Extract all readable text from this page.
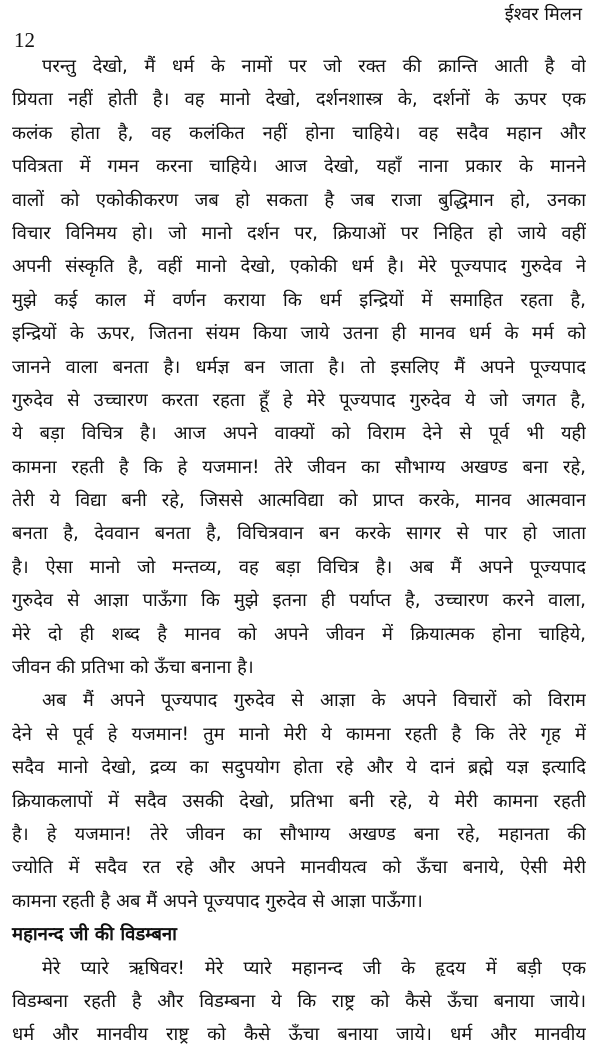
12
ईश्वर मिलन
परन्तु देखो, मैं धर्म के नामों पर जो रक्त की क्रान्ति आती है वो
प्रियता नहीं होती है। वह मानो देखो, दर्शनशास्त्र के, दर्शनों के ऊपर एक
कलंक होता है, वह कलंकित नहीं होना चाहिये। वह सदैव महान और
पवित्रता में गमन करना चाहिये। आज देखो, यहाँ नाना प्रकार के मानने
वालों को एकोकीकरण जब हो सकता है जब राजा बुद्धिमान हो, उनका
विचार विनिमय हो। जो मानो दर्शन पर, क्रियाओं पर निहित हो जाये वहीं
अपनी संस्कृति है, वहीं मानो देखो, एकोकी धर्म है। मेरे पूज्यपाद गुरुदेव ने
मुझे कई काल में वर्णन कराया कि धर्म इन्द्रियों में समाहित रहता है,
इन्द्रियों के ऊपर, जितना संयम किया जाये उतना ही मानव धर्म के मर्म को
जानने वाला बनता है। धर्मज्ञ बन जाता है। तो इसलिए मैं अपने पूज्यपाद
गुरुदेव से उच्चारण करता रहता हूँ हे मेरे पूज्यपाद गुरुदेव ये जो जगत है,
ये बड़ा विचित्र है। आज अपने वाक्यों को विराम देने से पूर्व भी यही
कामना रहती है कि हे यजमान! तेरे जीवन का सौभाग्य अखण्ड बना रहे,
तेरी ये विद्या बनी रहे, जिससे आत्मविद्या को प्राप्त करके, मानव आत्मवान
बनता है, देववान बनता है, विचित्रवान बन करके सागर से पार हो जाता
है। ऐसा मानो जो मन्तव्य, वह बड़ा विचित्र है। अब मैं अपने पूज्यपाद
गुरुदेव से आज्ञा पाऊँगा कि मुझे इतना ही पर्याप्त है, उच्चारण करने वाला,
मेरे दो ही शब्द है मानव को अपने जीवन में क्रियात्मक होना चाहिये,
जीवन की प्रतिभा को ऊँचा बनाना है।
अब मैं अपने पूज्यपाद गुरुदेव से आज्ञा के अपने विचारों को विराम
देने से पूर्व हे यजमान! तुम मानो मेरी ये कामना रहती है कि तेरे गृह में
सदैव मानो देखो, द्रव्य का सदुपयोग होता रहे और ये दानं ब्रह्मे यज्ञ इत्यादि
क्रियाकलापों में सदैव उसकी देखो, प्रतिभा बनी रहे, ये मेरी कामना रहती
है। हे यजमान! तेरे जीवन का सौभाग्य अखण्ड बना रहे, महानता की
ज्योति में सदैव रत रहे और अपने मानवीयत्व को ऊँचा बनाये, ऐसी मेरी
कामना रहती है अब मैं अपने पूज्यपाद गुरुदेव से आज्ञा पाऊँगा।
महानन्द जी की विडम्बना
मेरे प्यारे ऋषिवर! मेरे प्यारे महानन्द जी के हृदय में बड़ी एक
विडम्बना रहती है और विडम्बना ये कि राष्ट्र को कैसे ऊँचा बनाया जाये।
धर्म और मानवीय राष्ट्र को कैसे ऊँचा बनाया जाये। धर्म और मानवीय
